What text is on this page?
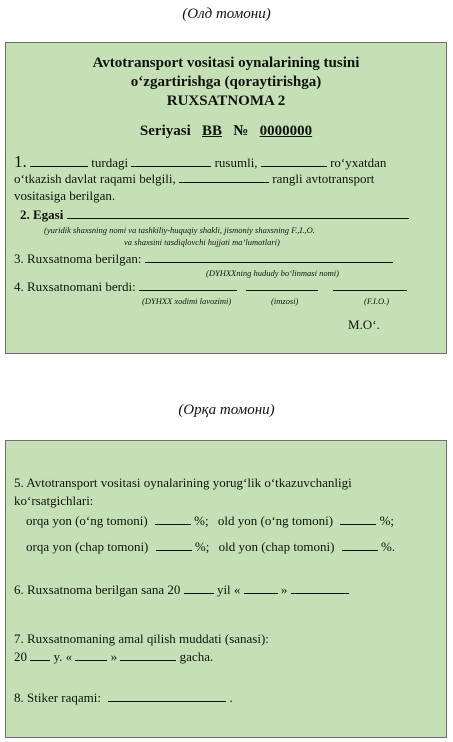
(Олд томони)
Avtotransport vositasi oynalarining tusini
o‘zgartirishga (qoraytirishga)
RUXSATNOMA 2
Seriyasi BB № 0000000
1.	turdagi	rusumli,	ro‘yxatdan
o‘tkazish davlat raqami belgili,	rangli avtotransport
vositasiga berilgan.
2. Egasi
(yuridik shaxsning nomi va tashkiliy-huquqiy shakli, jismoniy shaxsning F.,I.,O.
va shaxsini tasdiqlovchi hujjati ma’lumotlari)
3. Ruxsatnoma berilgan:
(DYHXXning hududy bo‘linmasi nomi)
4. Ruxsatnomani berdi:
(DYHXX xodimi lavozimi)	(imzosi)	(F.I.O.)
M.O‘.
(Орқа томони)
5. Avtotransport vositasi oynalarining yorug‘lik o‘tkazuvchanligi
ko‘rsatgichlari:
orqa yon (o‘ng tomoni)	%; old yon (o‘ng tomoni)	%;
orqa yon (chap tomoni)	%; old yon (chap tomoni)	%.
6. Ruxsatnoma berilgan sana 20	yil «	»
7. Ruxsatnomaning amal qilish muddati (sanasi):
20 y. «	»	gacha.
8. Stiker raqami:	.
